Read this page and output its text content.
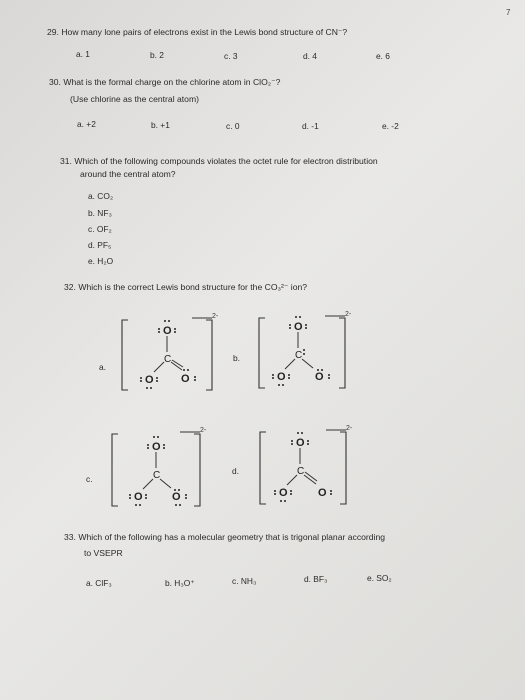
7
29. How many lone pairs of electrons exist in the Lewis bond structure of CN⁻?
a. 1	b. 2	c. 3	d. 4	e. 6
30. What is the formal charge on the chlorine atom in ClO₂⁻?
(Use chlorine as the central atom)
a. +2	b. +1	c. 0	d. -1	e. -2
31. Which of the following compounds violates the octet rule for electron distribution
around the central atom?
a. CO₂
b. NF₃
c. OF₂
d. PF₅
e. H₂O
32. Which is the correct Lewis bond structure for the CO₃²⁻ ion?
a.
b.
c.
d.
2-
O
C
O O
2-
O
C
O	O
2-
O
C
O	O
2-
O
C
O	O
33. Which of the following has a molecular geometry that is trigonal planar according
to VSEPR
a. ClF₃	b. H₃O⁺	c. NH₃	d. BF₃	e. SO₂
